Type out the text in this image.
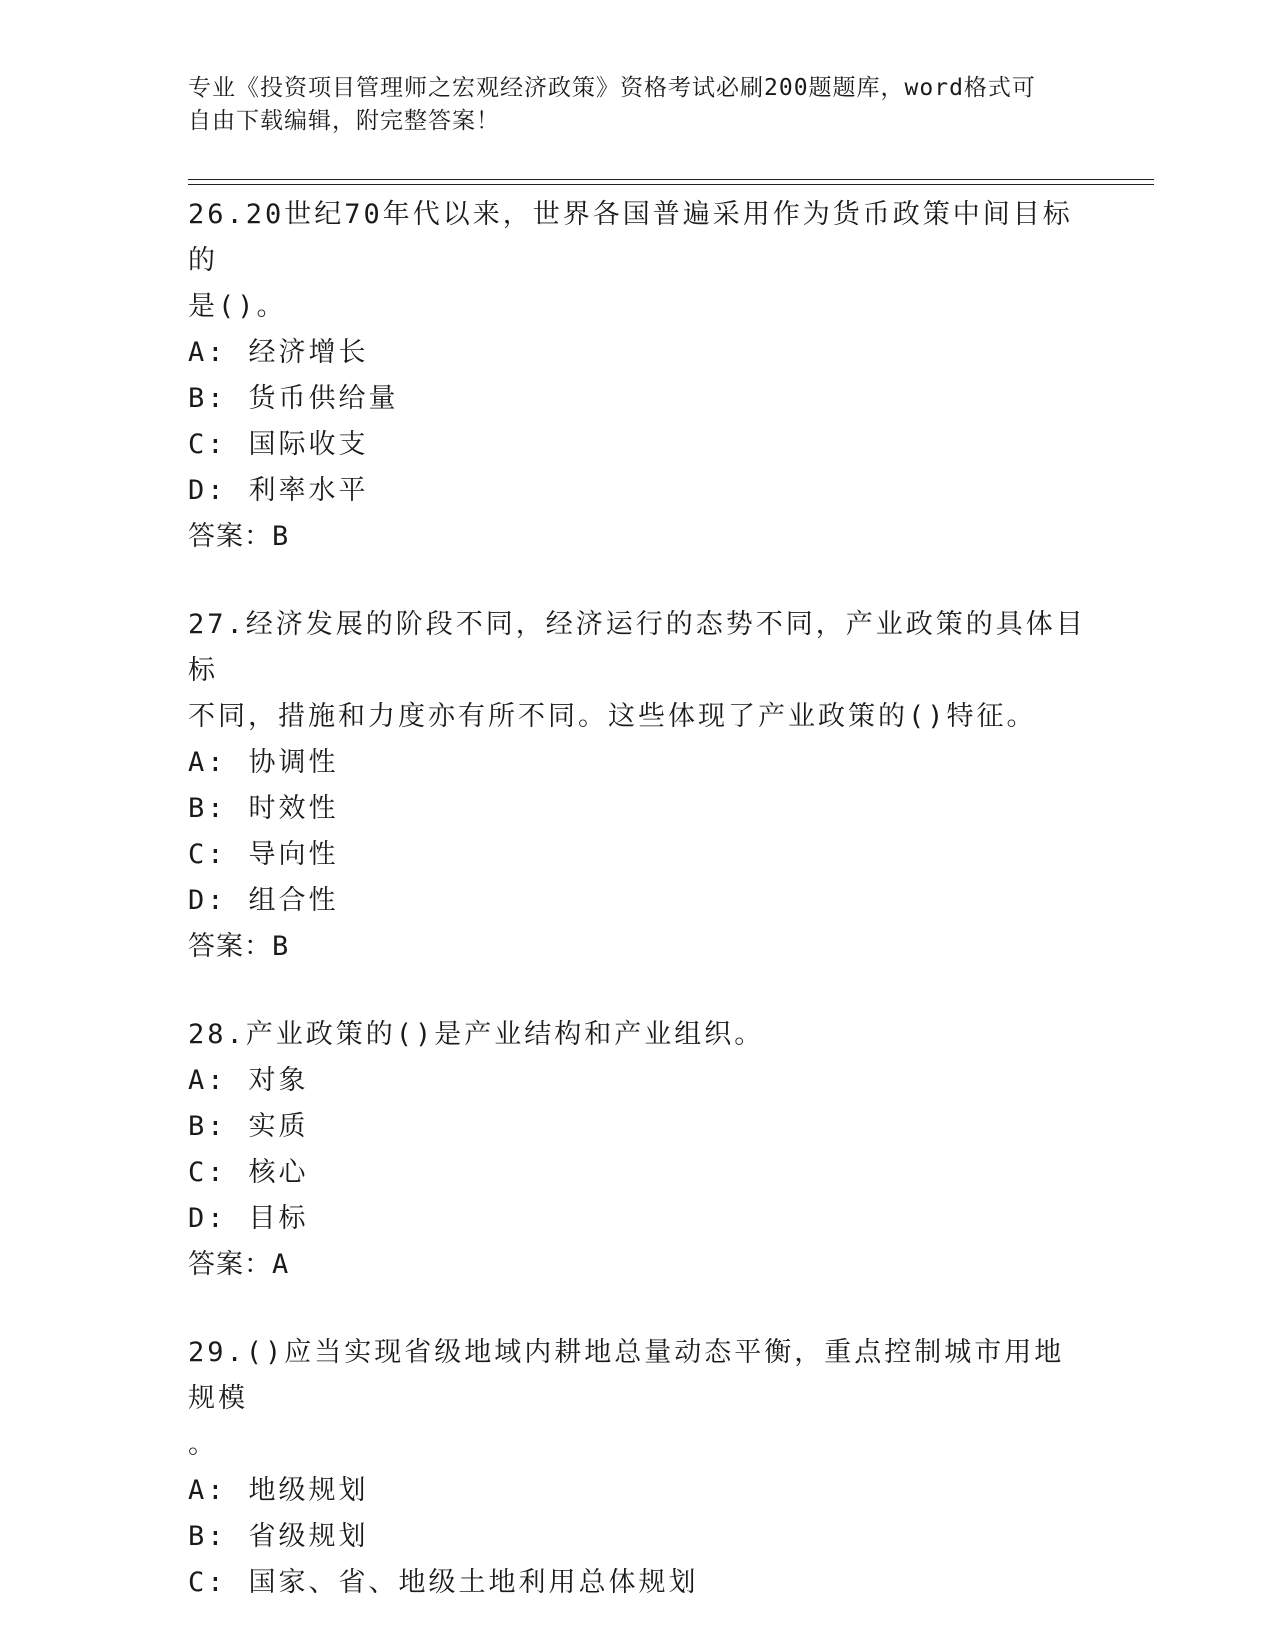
专业《投资项目管理师之宏观经济政策》资格考试必刷200题题库，word格式可
自由下载编辑，附完整答案！

26.20世纪70年代以来，世界各国普遍采用作为货币政策中间目标的

是()。

A: 经济增长

B: 货币供给量

C: 国际收支

D: 利率水平

答案：B

27.经济发展的阶段不同，经济运行的态势不同，产业政策的具体目标

不同，措施和力度亦有所不同。这些体现了产业政策的()特征。

A: 协调性

B: 时效性

C: 导向性

D: 组合性

答案：B

28.产业政策的()是产业结构和产业组织。

A: 对象

B: 实质

C: 核心

D: 目标

答案：A

29.()应当实现省级地域内耕地总量动态平衡，重点控制城市用地规模

。

A: 地级规划

B: 省级规划

C: 国家、省、地级土地利用总体规划
